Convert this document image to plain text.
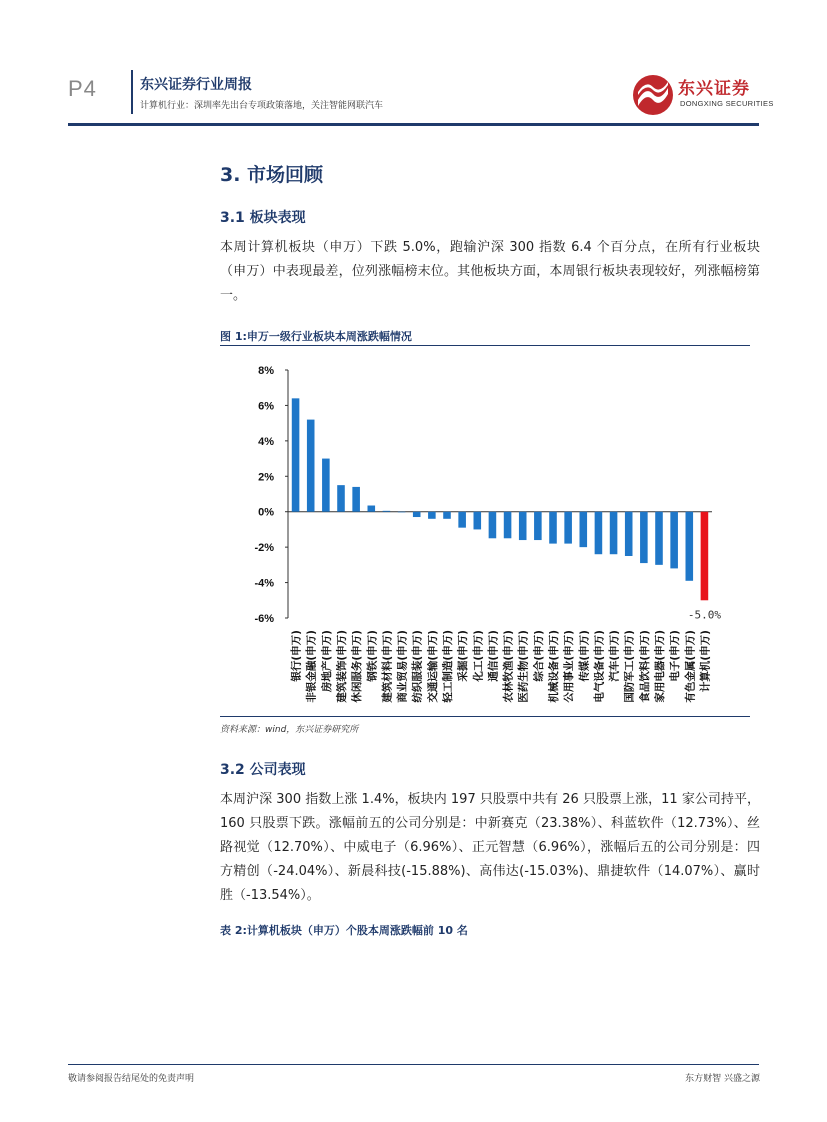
P4	东兴证券行业周报
计算机行业：深圳率先出台专项政策落地，关注智能网联汽车
东兴证券
DONGXING SECURITIES
3. 市场回顾
3.1 板块表现

本周计算机板块（申万）下跌 5.0%，跑输沪深 300 指数 6.4 个百分点，在所有行业板块（申万）中表现最差，位列涨幅榜末位。其他板块方面，本周银行板块表现较好，列涨幅榜第一。

图 1:申万一级行业板块本周涨跌幅情况
8%
6%
4%
2%
0%
-2%
-4%
-6%
银行(申万) 非银金融(申万) 房地产(申万) 建筑装饰(申万) 休闲服务(申万) 钢铁(申万) 建筑材料(申万) 商业贸易(申万) 纺织服装(申万) 交通运输(申万) 轻工制造(申万) 采掘(申万) 化工(申万) 通信(申万) 农林牧渔(申万) 医药生物(申万) 综合(申万) 机械设备(申万) 公用事业(申万) 传媒(申万) 电气设备(申万) 汽车(申万) 国防军工(申万) 食品饮料(申万) 家用电器(申万) 电子(申万) 有色金属(申万) 计算机(申万)
-5.0%
资料来源：wind，东兴证券研究所
3.2 公司表现

本周沪深 300 指数上涨 1.4%，板块内 197 只股票中共有 26 只股票上涨，11 家公司持平，160 只股票下跌。涨幅前五的公司分别是：中新赛克（23.38%）、科蓝软件（12.73%）、丝路视觉（12.70%）、中威电子（6.96%）、正元智慧（6.96%），涨幅后五的公司分别是：四方精创（-24.04%）、新晨科技(-15.88%)、高伟达(-15.03%)、鼎捷软件（14.07%）、赢时胜（-13.54%）。

表 2:计算机板块（申万）个股本周涨跌幅前 10 名
敬请参阅报告结尾处的免责声明	东方财智 兴盛之源
